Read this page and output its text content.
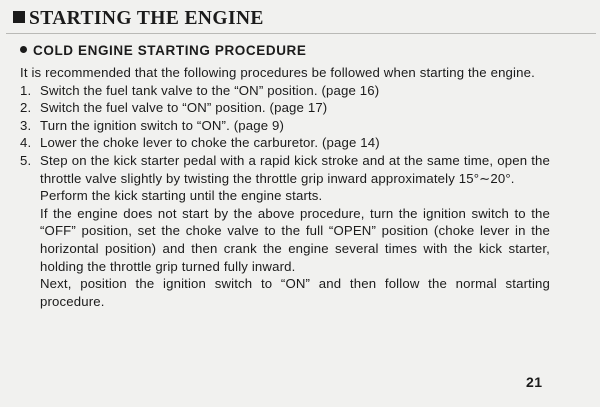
STARTING THE ENGINE
COLD ENGINE STARTING PROCEDURE

It is recommended that the following procedures be followed when starting the engine.

1. Switch the fuel tank valve to the “ON” position. (page 16)
2. Switch the fuel valve to “ON” position. (page 17)
3. Turn the ignition switch to “ON”. (page 9)
4. Lower the choke lever to choke the carburetor. (page 14)
5. Step on the kick starter pedal with a rapid kick stroke and at the same time, open the throttle valve slightly by twisting the throttle grip inward approximately 15°∼20°.
Perform the kick starting until the engine starts.
If the engine does not start by the above procedure, turn the ignition switch to the “OFF” position, set the choke valve to the full “OPEN” position (choke lever in the horizontal position) and then crank the engine several times with the kick starter, holding the throttle grip turned fully inward.
Next, position the ignition switch to “ON” and then follow the normal starting procedure.
21
